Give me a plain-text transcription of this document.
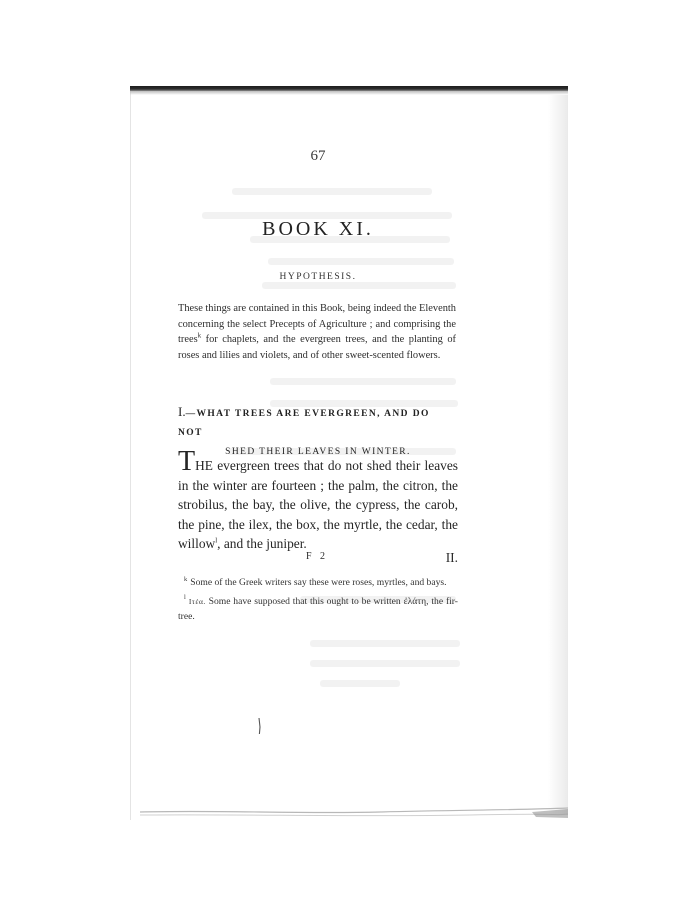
67
BOOK XI.
HYPOTHESIS.
These things are contained in this Book, being indeed the Eleventh concerning the select Precepts of Agriculture ; and comprising the trees$^k$ for chaplets, and the evergreen trees, and the planting of roses and lilies and violets, and of other sweet-scented flowers.
I.—WHAT TREES ARE EVERGREEN, AND DO NOT
SHED THEIR LEAVES IN WINTER.

THE evergreen trees that do not shed their leaves in the winter are fourteen ; the palm, the citron, the strobilus, the bay, the olive, the cypress, the carob, the pine, the ilex, the box, the myrtle, the cedar, the willow$^l$, and the juniper.

F 2	II.

$^k$ Some of the Greek writers say these were roses, myrtles, and bays.

$^l$ Ιτέα. Some have supposed that this ought to be written ἐλάτη, the fir-tree.
